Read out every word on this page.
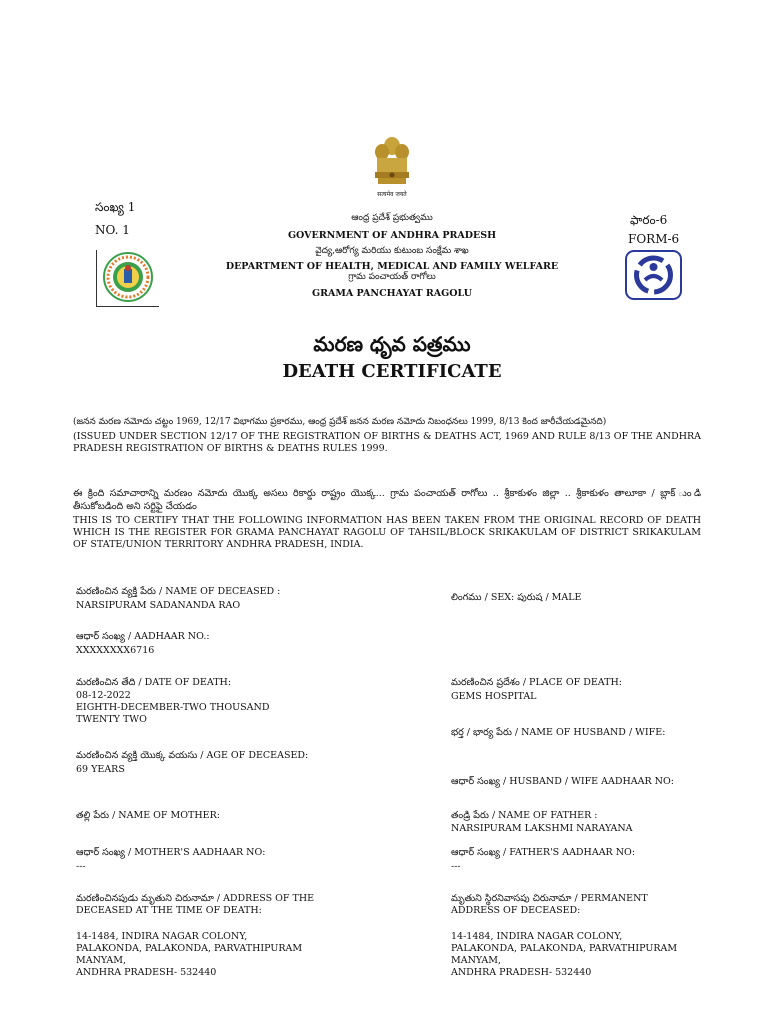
सत्यमेव जयते
సంఖ్య 1
NO. 1
ఫారం-6
FORM-6
ఆంధ్ర ప్రదేశ్ ప్రభుత్వము
GOVERNMENT OF ANDHRA PRADESH
వైద్య,ఆరోగ్య మరియు కుటుంబ సంక్షేమ శాఖ
DEPARTMENT OF HEALTH, MEDICAL AND FAMILY WELFARE
గ్రామ పంచాయత్ రాగోలు
GRAMA PANCHAYAT RAGOLU
మరణ ధృవ పత్రము
DEATH CERTIFICATE
(జనన మరణ నమోదు చట్టం 1969, 12/17 విభాగము ప్రకారము, ఆంధ్ర ప్రదేశ్ జనన మరణ నమోదు నిబంధనలు 1999, 8/13 కింద జారీచేయడమైనది)
(ISSUED UNDER SECTION 12/17 OF THE REGISTRATION OF BIRTHS & DEATHS ACT, 1969 AND RULE 8/13 OF THE ANDHRA PRADESH REGISTRATION OF BIRTHS & DEATHS RULES 1999.
ఈ క్రింది సమాచారాన్ని మరణం నమోదు యొక్క అసలు రికార్డు రాష్ట్రం యొక్క... గ్రామ పంచాయత్ రాగోలు .. శ్రీకాకుళం జిల్లా .. శ్రీకాకుళం తాలూకా / బ్లాక్ ుండి తీసుకోబడింది అని సర్టిఫై చేయడం
THIS IS TO CERTIFY THAT THE FOLLOWING INFORMATION HAS BEEN TAKEN FROM THE ORIGINAL RECORD OF DEATH WHICH IS THE REGISTER FOR GRAMA PANCHAYAT RAGOLU OF TAHSIL/BLOCK SRIKAKULAM OF DISTRICT SRIKAKULAM OF STATE/UNION TERRITORY ANDHRA PRADESH, INDIA.
మరణించిన వ్యక్తి పేరు / NAME OF DECEASED :
NARSIPURAM SADANANDA RAO
ఆధార్ సంఖ్య / AADHAAR NO.:
XXXXXXXX6716
మరణించిన తేది / DATE OF DEATH:
08-12-2022
EIGHTH-DECEMBER-TWO THOUSAND TWENTY TWO
మరణించిన వ్యక్తి యొక్క వయసు / AGE OF DECEASED:
69 YEARS
తల్లి పేరు / NAME OF MOTHER:
ఆధార్ సంఖ్య / MOTHER'S AADHAAR NO:
---
మరణించినపుడు మృతుని చిరునామా / ADDRESS OF THE DECEASED AT THE TIME OF DEATH:
14-1484, INDIRA NAGAR COLONY,
PALAKONDA, PALAKONDA, PARVATHIPURAM
MANYAM,
ANDHRA PRADESH- 532440
లింగము / SEX: పురుష / MALE
మరణించిన ప్రదేశం / PLACE OF DEATH:
GEMS HOSPITAL
భర్త / భార్య పేరు / NAME OF HUSBAND / WIFE:
ఆధార్ సంఖ్య / HUSBAND / WIFE AADHAAR NO:
తండ్రి పేరు / NAME OF FATHER :
NARSIPURAM LAKSHMI NARAYANA
ఆధార్ సంఖ్య / FATHER'S AADHAAR NO:
---
మృతుని స్థిరనివాసపు చిరునామా / PERMANENT ADDRESS OF DECEASED:
14-1484, INDIRA NAGAR COLONY,
PALAKONDA, PALAKONDA, PARVATHIPURAM
MANYAM,
ANDHRA PRADESH- 532440
